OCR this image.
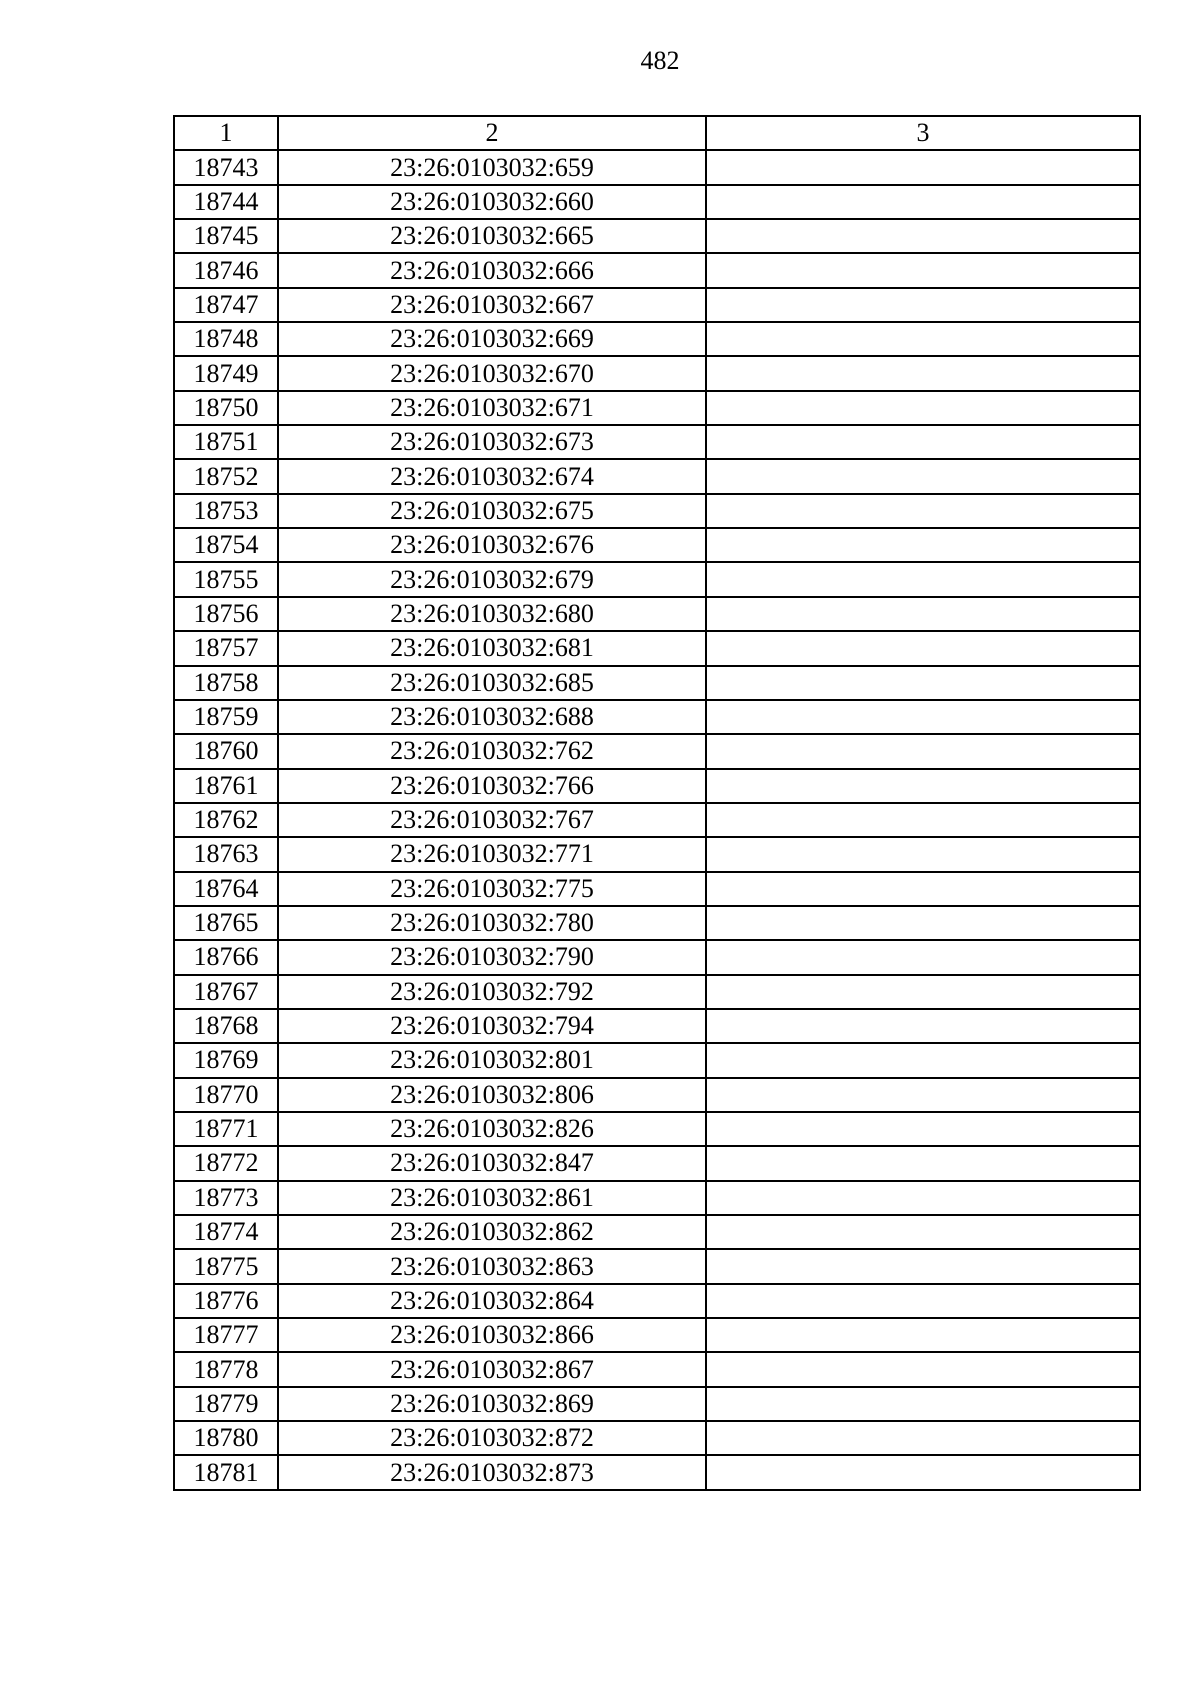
482
1	2	3
18743	23:26:0103032:659	
18744	23:26:0103032:660	
18745	23:26:0103032:665	
18746	23:26:0103032:666	
18747	23:26:0103032:667	
18748	23:26:0103032:669	
18749	23:26:0103032:670	
18750	23:26:0103032:671	
18751	23:26:0103032:673	
18752	23:26:0103032:674	
18753	23:26:0103032:675	
18754	23:26:0103032:676	
18755	23:26:0103032:679	
18756	23:26:0103032:680	
18757	23:26:0103032:681	
18758	23:26:0103032:685	
18759	23:26:0103032:688	
18760	23:26:0103032:762	
18761	23:26:0103032:766	
18762	23:26:0103032:767	
18763	23:26:0103032:771	
18764	23:26:0103032:775	
18765	23:26:0103032:780	
18766	23:26:0103032:790	
18767	23:26:0103032:792	
18768	23:26:0103032:794	
18769	23:26:0103032:801	
18770	23:26:0103032:806	
18771	23:26:0103032:826	
18772	23:26:0103032:847	
18773	23:26:0103032:861	
18774	23:26:0103032:862	
18775	23:26:0103032:863	
18776	23:26:0103032:864	
18777	23:26:0103032:866	
18778	23:26:0103032:867	
18779	23:26:0103032:869	
18780	23:26:0103032:872	
18781	23:26:0103032:873	
